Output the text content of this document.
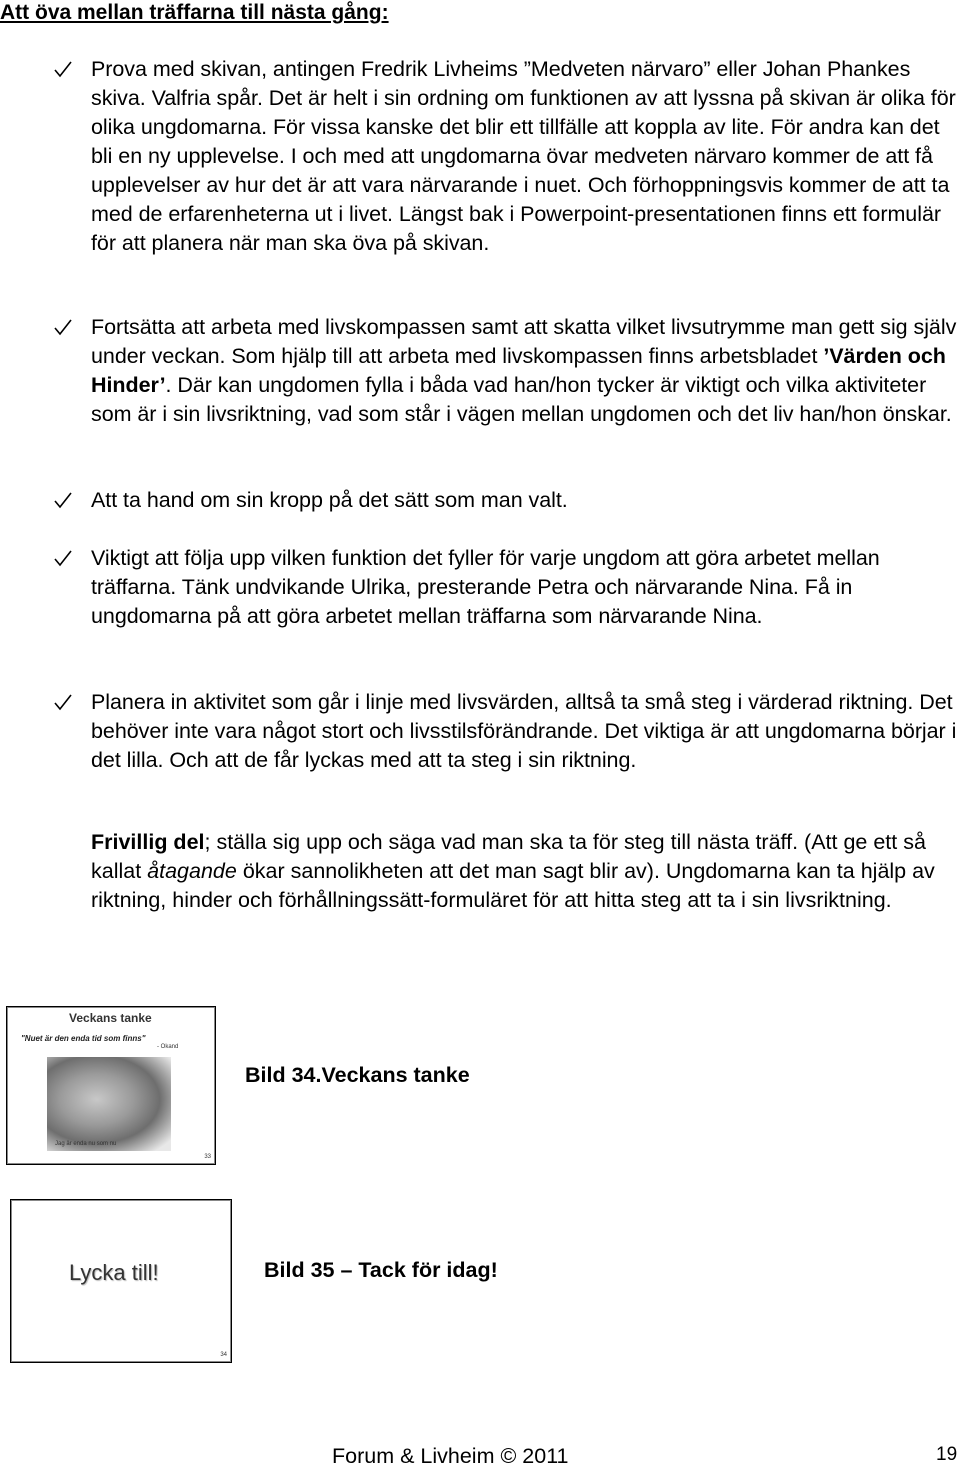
Att öva mellan träffarna till nästa gång:
Prova med skivan, antingen Fredrik Livheims ”Medveten närvaro” eller Johan Phankes skiva. Valfria spår. Det är helt i sin ordning om funktionen av att lyssna på skivan är olika för olika ungdomarna. För vissa kanske det blir ett tillfälle att koppla av lite. För andra kan det bli en ny upplevelse. I och med att ungdomarna övar medveten närvaro kommer de att få upplevelser av hur det är att vara närvarande i nuet. Och förhoppningsvis kommer de att ta med de erfarenheterna ut i livet. Längst bak i Powerpoint-presentationen finns ett formulär för att planera när man ska öva på skivan.
Fortsätta att arbeta med livskompassen samt att skatta vilket livsutrymme man gett sig själv under veckan. Som hjälp till att arbeta med livskompassen finns arbetsbladet ’Värden och Hinder’. Där kan ungdomen fylla i båda vad han/hon tycker är viktigt och vilka aktiviteter som är i sin livsriktning, vad som står i vägen mellan ungdomen och det liv han/hon önskar.
Att ta hand om sin kropp på det sätt som man valt.
Viktigt att följa upp vilken funktion det fyller för varje ungdom att göra arbetet mellan träffarna. Tänk undvikande Ulrika, presterande Petra och närvarande Nina. Få in ungdomarna på att göra arbetet mellan träffarna som närvarande Nina.
Planera in aktivitet som går i linje med livsvärden, alltså ta små steg i värderad riktning. Det behöver inte vara något stort och livsstilsförändrande. Det viktiga är att ungdomarna börjar i det lilla. Och att de får lyckas med att ta steg i sin riktning.
Frivillig del; ställa sig upp och säga vad man ska ta för steg till nästa träff. (Att ge ett så kallat åtagande ökar sannolikheten att det man sagt blir av). Ungdomarna kan ta hjälp av riktning, hinder och förhållningssätt-formuläret för att hitta steg att ta i sin livsriktning.
Veckans tanke
"Nuet är den enda tid som finns"
- Okand
Jag är enda nu som nu
33
Bild 34.Veckans tanke
Lycka till!
34
Bild 35 – Tack för idag!
Forum & Livheim © 2011	19
